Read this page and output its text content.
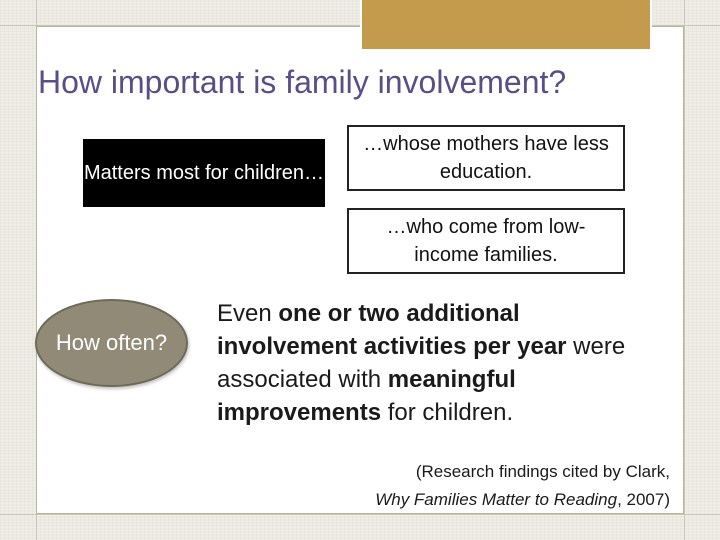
How important is family involvement?
Matters most for children…
…whose mothers have less education.
…who come from low-income families.
How often?
Even one or two additional involvement activities per year were associated with meaningful improvements for children.
(Research findings cited by Clark,
Why Families Matter to Reading, 2007)
